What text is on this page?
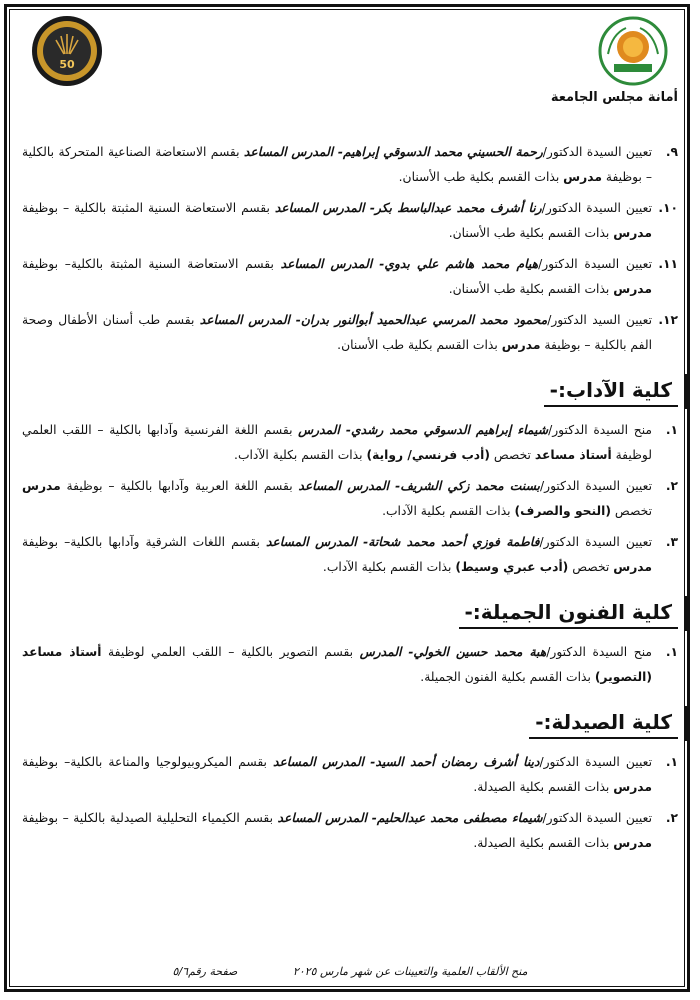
50
أمانة مجلس الجامعة
٩.
تعيين السيدة الدكتور/رحمة الحسيني محمد الدسوقي إبراهيم- المدرس المساعد بقسم الاستعاضة الصناعية المتحركة بالكلية – بوظيفة مدرس بذات القسم بكلية طب الأسنان.
١٠.
تعيين السيدة الدكتور/رنا أشرف محمد عبدالباسط بكر- المدرس المساعد بقسم الاستعاضة السنية المثبتة بالكلية – بوظيفة مدرس بذات القسم بكلية طب الأسنان.
١١.
تعيين السيدة الدكتور/هيام محمد هاشم علي بدوي- المدرس المساعد بقسم الاستعاضة السنية المثبتة بالكلية– بوظيفة مدرس بذات القسم بكلية طب الأسنان.
١٢.
تعيين السيد الدكتور/محمود محمد المرسي عبدالحميد أبوالنور بدران- المدرس المساعد بقسم طب أسنان الأطفال وصحة الفم بالكلية – بوظيفة مدرس بذات القسم بكلية طب الأسنان.
كلية الآداب:-
١.
منح السيدة الدكتور/شيماء إبراهيم الدسوقي محمد رشدي- المدرس بقسم اللغة الفرنسية وآدابها بالكلية – اللقب العلمي لوظيفة أستاذ مساعد تخصص (أدب فرنسي/ رواية) بذات القسم بكلية الآداب.
٢.
تعيين السيدة الدكتور/بسنت محمد زكي الشريف- المدرس المساعد بقسم اللغة العربية وآدابها بالكلية – بوظيفة مدرس تخصص (النحو والصرف) بذات القسم بكلية الآداب.
٣.
تعيين السيدة الدكتور/فاطمة فوزي أحمد محمد شحاتة- المدرس المساعد بقسم اللغات الشرقية وآدابها بالكلية– بوظيفة مدرس تخصص (أدب عبري وسيط) بذات القسم بكلية الآداب.
كلية الفنون الجميلة:-
١.
منح السيدة الدكتور/هبة محمد حسين الخولي- المدرس بقسم التصوير بالكلية – اللقب العلمي لوظيفة أستاذ مساعد (التصوير) بذات القسم بكلية الفنون الجميلة.
كلية الصيدلة:-
١.
تعيين السيدة الدكتور/دينا أشرف رمضان أحمد السيد- المدرس المساعد بقسم الميكروبيولوجيا والمناعة بالكلية– بوظيفة مدرس بذات القسم بكلية الصيدلة.
٢.
تعيين السيدة الدكتور/شيماء مصطفى محمد عبدالحليم- المدرس المساعد بقسم الكيمياء التحليلية الصيدلية بالكلية – بوظيفة مدرس بذات القسم بكلية الصيدلة.
منح الألقاب العلمية والتعيينات عن شهر مارس ٢٠٢٥ صفحة رقم٥/٦
